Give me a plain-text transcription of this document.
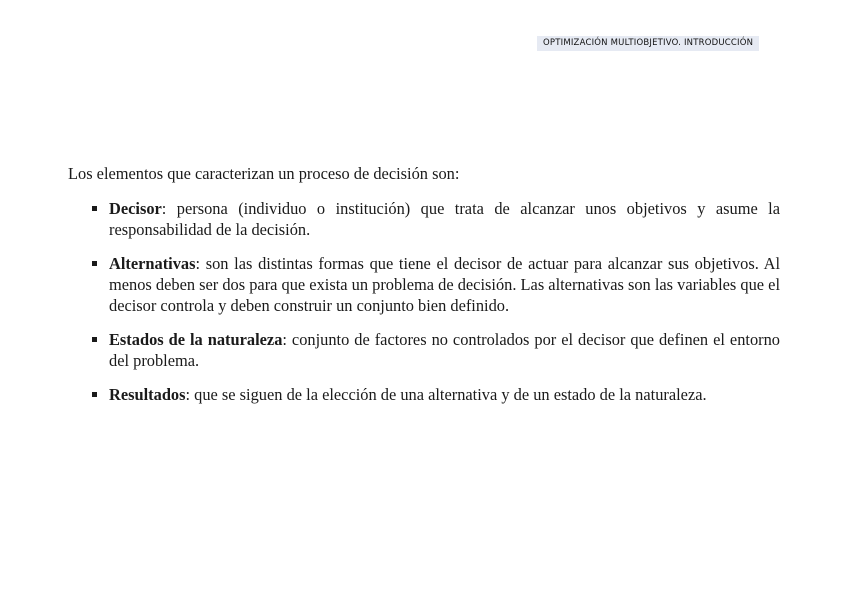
OPTIMIZACIÓN MULTIOBJETIVO. INTRODUCCIÓN

Los elementos que caracterizan un proceso de decisión son:

Decisor: persona (individuo o institución) que trata de alcanzar unos objetivos y asume la responsabilidad de la decisión.
Alternativas: son las distintas formas que tiene el decisor de actuar para alcanzar sus objetivos. Al menos deben ser dos para que exista un problema de decisión. Las alternativas son las variables que el decisor controla y deben construir un conjunto bien definido.
Estados de la naturaleza: conjunto de factores no controlados por el decisor que definen el entorno del problema.
Resultados: que se siguen de la elección de una alternativa y de un estado de la naturaleza.
